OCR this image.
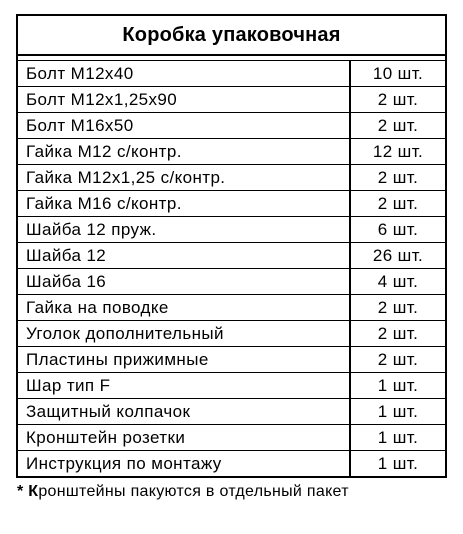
Коробка упаковочная
Болт М12х40	10 шт.
Болт М12х1,25х90	2 шт.
Болт М16х50	2 шт.
Гайка М12 с/контр.	12 шт.
Гайка М12х1,25 с/контр.	2 шт.
Гайка М16 с/контр.	2 шт.
Шайба 12 пруж.	6 шт.
Шайба 12	26 шт.
Шайба 16	4 шт.
Гайка на поводке	2 шт.
Уголок дополнительный	2 шт.
Пластины прижимные	2 шт.
Шар тип F	1 шт.
Защитный колпачок	1 шт.
Кронштейн розетки	1 шт.
Инструкция по монтажу	1 шт.
* Кронштейны пакуются в отдельный пакет
